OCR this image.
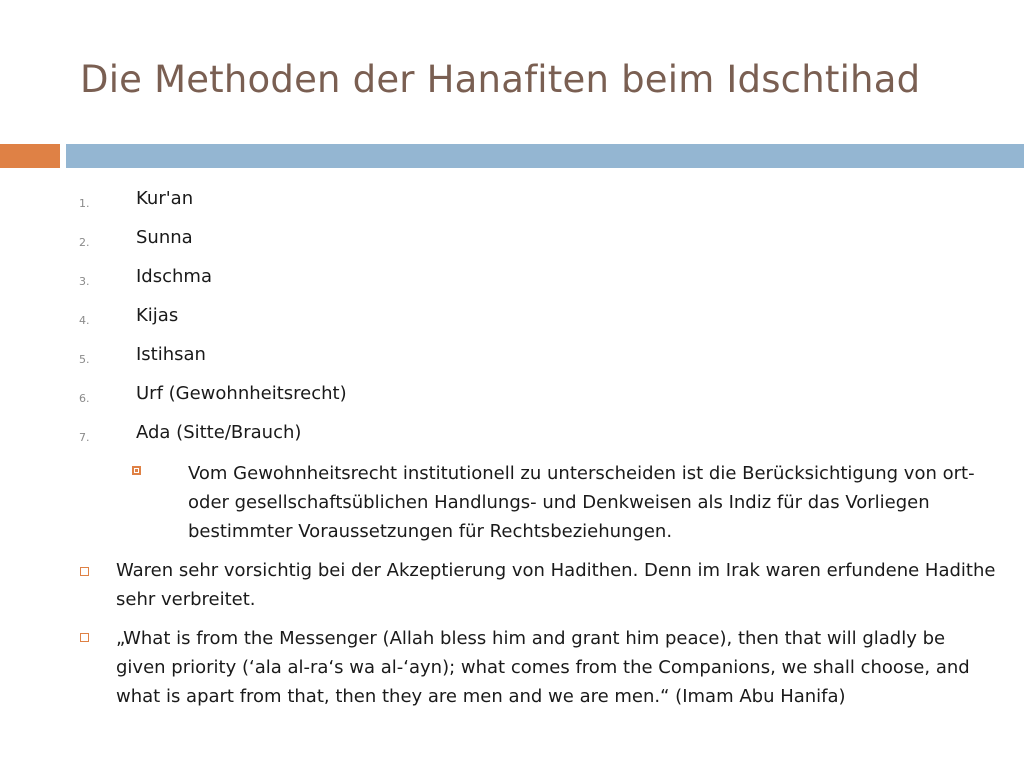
Die Methoden der Hanafiten beim Idschtihad
1.	Kur'an
2.	Sunna
3.	Idschma
4.	Kijas
5.	Istihsan
6.	Urf (Gewohnheitsrecht)
7.	Ada (Sitte/Brauch)
Vom Gewohnheitsrecht institutionell zu unterscheiden ist die Berücksichtigung von ort- oder gesellschaftsüblichen Handlungs- und Denkweisen als Indiz für das Vorliegen bestimmter Voraussetzungen für Rechtsbeziehungen.
Waren sehr vorsichtig bei der Akzeptierung von Hadithen. Denn im Irak waren erfundene Hadithe sehr verbreitet.
„What is from the Messenger (Allah bless him and grant him peace), then that will gladly be given priority (‘ala al-ra‘s wa al-‘ayn); what comes from the Companions, we shall choose, and what is apart from that, then they are men and we are men.“ (Imam Abu Hanifa)
